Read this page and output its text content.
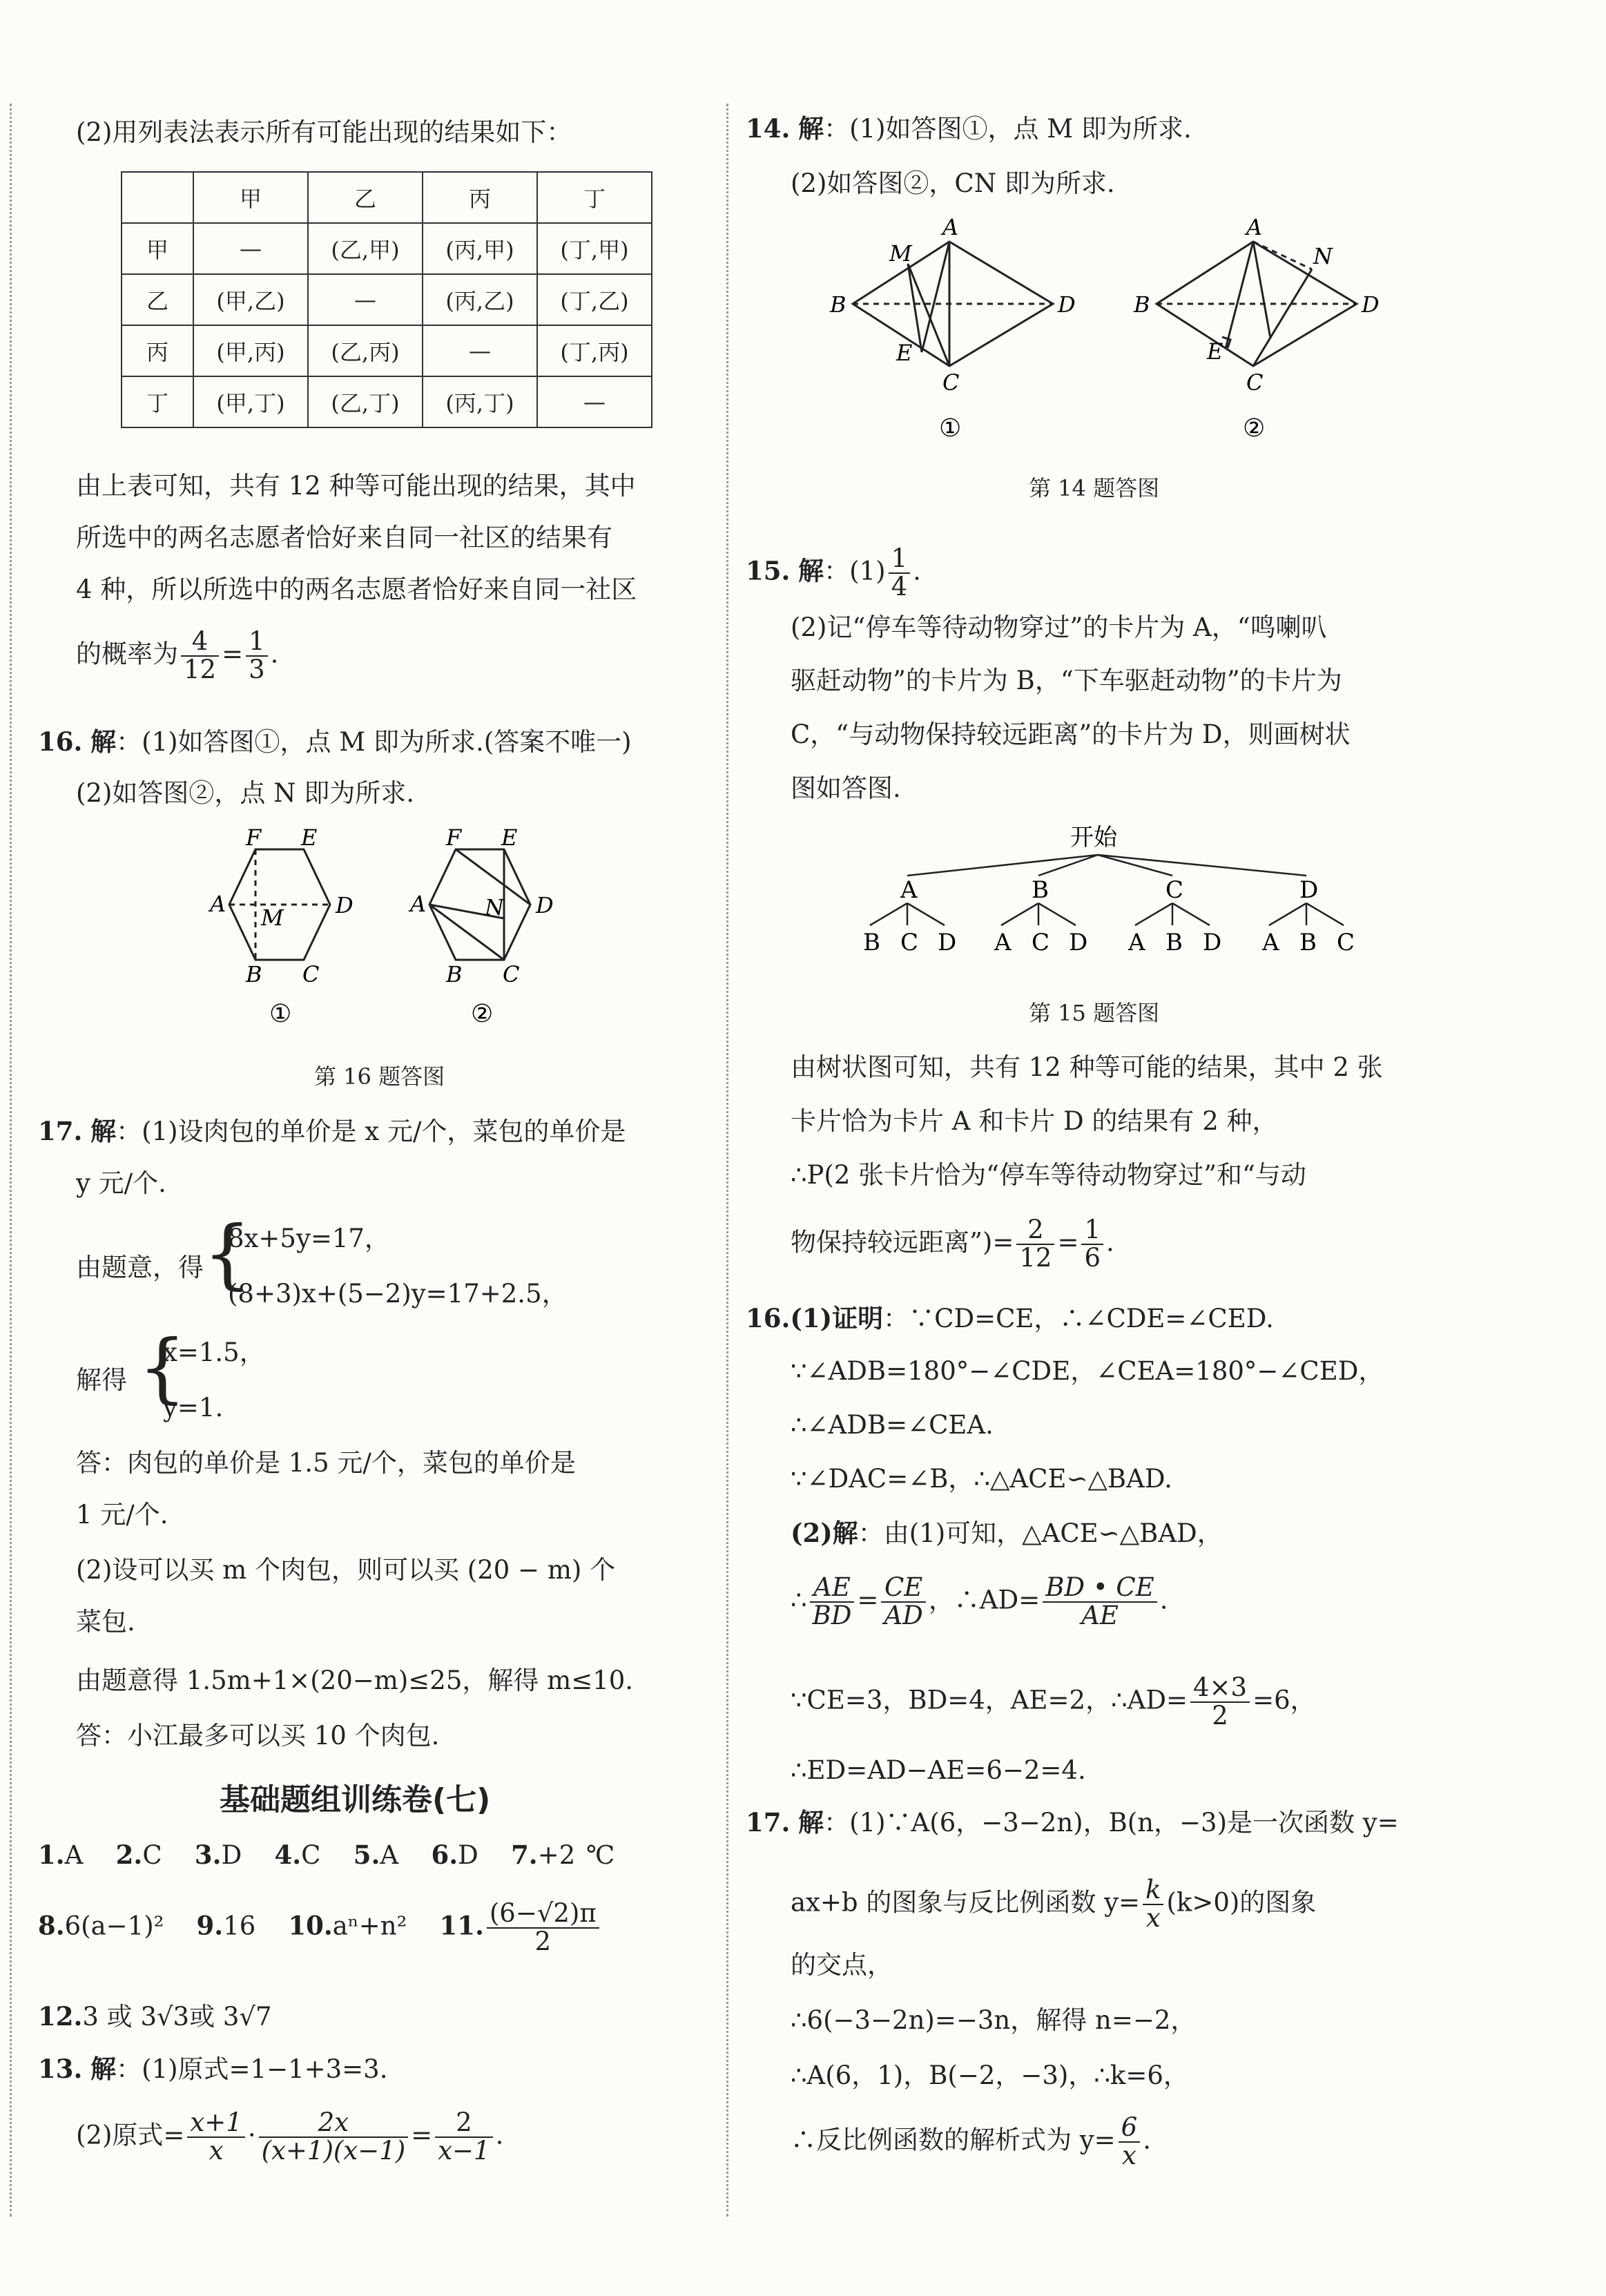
(2)用列表法表示所有可能出现的结果如下：
	甲	乙	丙	丁
甲	—	(乙,甲)	(丙,甲)	(丁,甲)
乙	(甲,乙)	—	(丙,乙)	(丁,乙)
丙	(甲,丙)	(乙,丙)	—	(丁,丙)
丁	(甲,丁)	(乙,丁)	(丙,丁)	—
由上表可知，共有 12 种等可能出现的结果，其中
所选中的两名志愿者恰好来自同一社区的结果有
4 种，所以所选中的两名志愿者恰好来自同一社区
的概率为 $\frac{4}{12} = \frac{1}{3}$ .
16. 解：(1)如答图①，点 M 即为所求.(答案不唯一)
(2)如答图②，点 N 即为所求.
F E
A	D
M
B C
①
F E
A	D
N
B C
②
第 16 题答图
17. 解：(1)设肉包的单价是 x 元/个，菜包的单价是
y 元/个.
由题意，得 {
8x+5y=17，
(8+3)x+(5−2)y=17+2.5，
解得 {
x=1.5，
y=1.
答：肉包的单价是 1.5 元/个，菜包的单价是
1 元/个.
(2)设可以买 m 个肉包，则可以买 (20 − m) 个
菜包.
由题意得 1.5m+1×(20−m)≤25，解得 m≤10.
答：小江最多可以买 10 个肉包.
基础题组训练卷(七)
1.A 2.C 3.D 4.C 5.A 6.D 7.+2 ℃
8.6(a−1)² 9.16 10.aⁿ+n² 11. $\frac{(6-√2)\pi}{2}$
12.3 或 3√3或 3√7
13. 解：(1)原式=1−1+3=3.
(2)原式= $\frac{x+1}{x} \cdot \frac{2x}{(x+1)(x-1)} = \frac{2}{x-1}$ .
14. 解：(1)如答图①，点 M 即为所求.
(2)如答图②，CN 即为所求.
A
M
B	D
E
C
①
A
N
B	D
E
C
②
第 14 题答图
15. 解：$(1) \frac{1}{4}$ .
(2)记“停车等待动物穿过”的卡片为 A，“鸣喇叭
驱赶动物”的卡片为 B，“下车驱赶动物”的卡片为
C，“与动物保持较远距离”的卡片为 D，则画树状
图如答图.
开始
A	B	C	D
B C D A C D A B D A B C
第 15 题答图
由树状图可知，共有 12 种等可能的结果，其中 2 张
卡片恰为卡片 A 和卡片 D 的结果有 2 种，
∴P(2 张卡片恰为“停车等待动物穿过”和“与动
物保持较远距离”)= $\frac{2}{12} = \frac{1}{6}$ .
16.(1)证明：∵CD=CE，∴∠CDE=∠CED.
∵∠ADB=180°−∠CDE，∠CEA=180°−∠CED，
∴∠ADB=∠CEA.
∵∠DAC=∠B，∴△ACE∽△BAD.
(2)解：由(1)可知，△ACE∽△BAD，
∴ $\frac{AE}{BD} = \frac{CE}{AD}$ ，∴AD= $\frac{BD • CE}{AE}$ .
∵CE=3，BD=4，AE=2，∴AD= $\frac{4\times 3}{2} =6$，
∴ED=AD−AE=6−2=4.
17. 解：(1)∵A(6，−3−2n)，B(n，−3)是一次函数 y=
ax+b 的图象与反比例函数 $y= \frac{k}{x} (k>0)$的图象
的交点，
∴6(−3−2n)=−3n，解得 n=−2，
∴A(6，1)，B(−2，−3)，∴k=6，
∴反比例函数的解析式为 $y= \frac{6}{x}$ .
